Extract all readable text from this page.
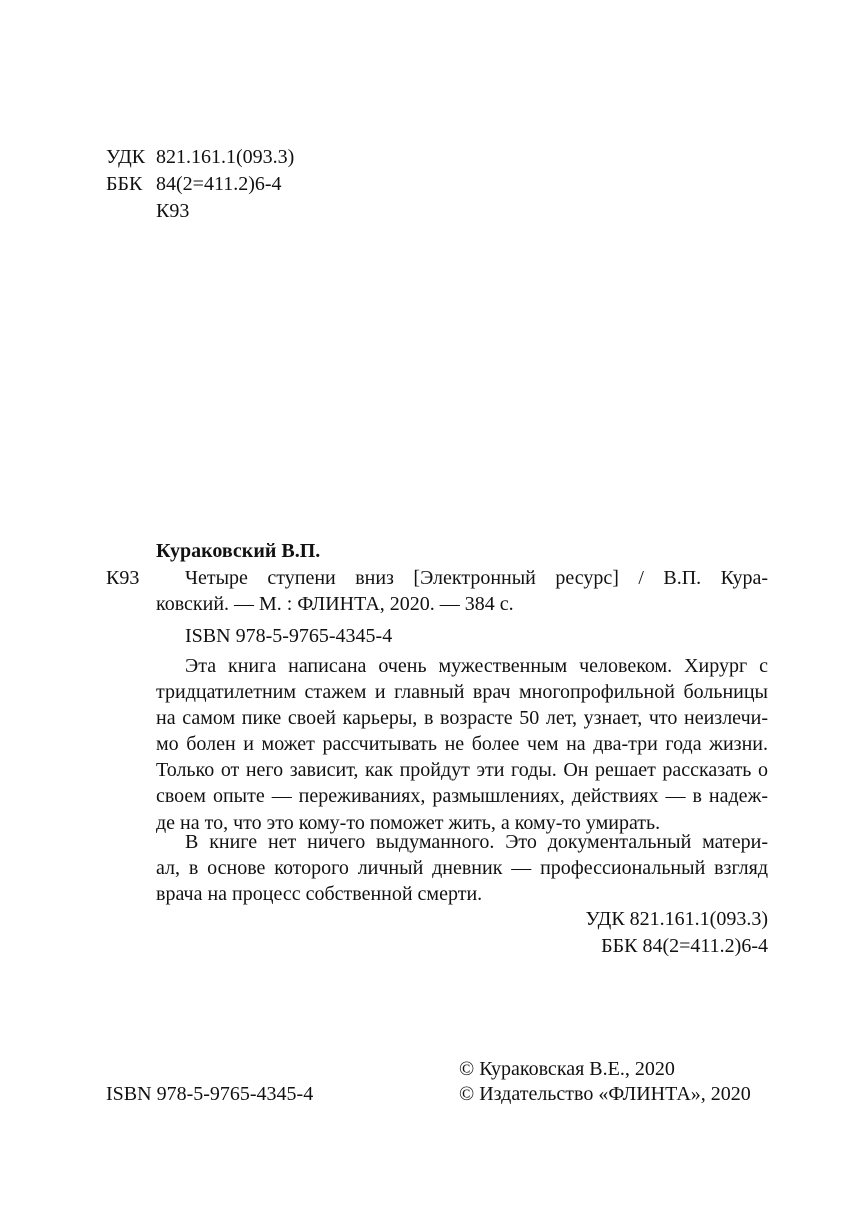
УДК 821.161.1(093.3)
ББК 84(2=411.2)6-4
К93
Кураковский В.П.
К93	Четыре ступени вниз [Электронный ресурс] / В.П. Кура-
ковский. — М. : ФЛИНТА, 2020. — 384 с.
ISBN 978-5-9765-4345-4
Эта книга написана очень мужественным человеком. Хирург с
тридцатилетним стажем и главный врач многопрофильной больницы
на самом пике своей карьеры, в возрасте 50 лет, узнает, что неизлечи-
мо болен и может рассчитывать не более чем на два-три года жизни.
Только от него зависит, как пройдут эти годы. Он решает рассказать о
своем опыте — переживаниях, размышлениях, действиях — в надеж-
де на то, что это кому-то поможет жить, а кому-то умирать.
В книге нет ничего выдуманного. Это документальный матери-
ал, в основе которого личный дневник — профессиональный взгляд
врача на процесс собственной смерти.
УДК 821.161.1(093.3)
ББК 84(2=411.2)6-4
© Кураковская В.Е., 2020
ISBN 978-5-9765-4345-4	© Издательство «ФЛИНТА», 2020
